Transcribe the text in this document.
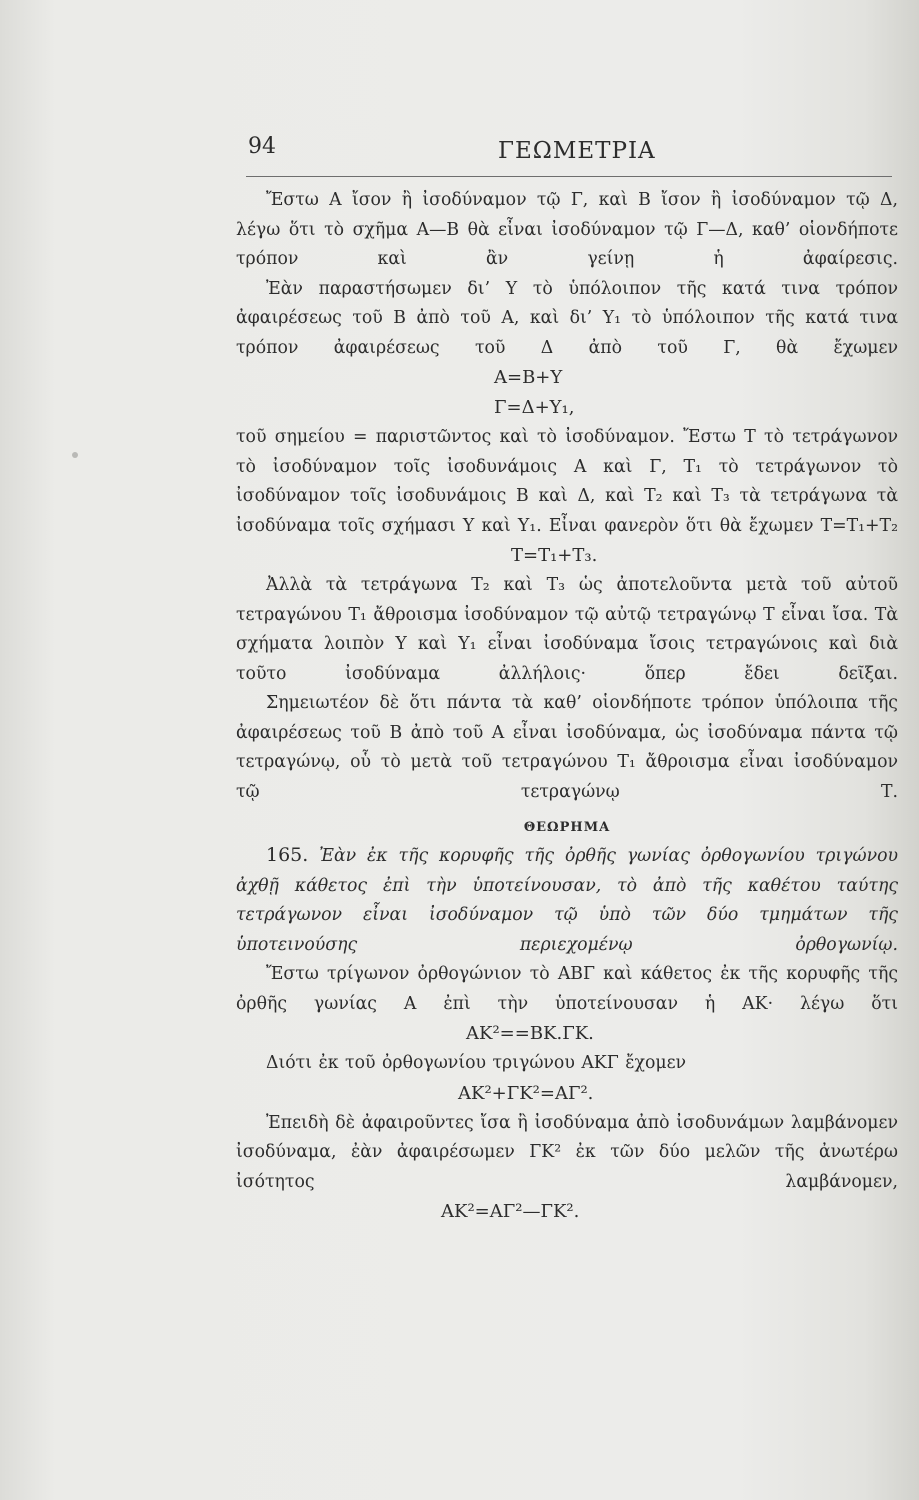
94	ΓΕΩΜΕΤΡΙΑ

Ἔστω Α ἴσον ἢ ἰσοδύναμον τῷ Γ, καὶ Β ἴσον ἢ ἰσοδύναμον τῷ Δ, λέγω ὅτι τὸ σχῆμα Α—Β θὰ εἶναι ἰσοδύναμον τῷ Γ—Δ, καθ’ οἱονδήποτε τρόπον καὶ ἂν γείνῃ ἡ ἀφαίρεσις.

Ἐὰν παραστήσωμεν δι’ Υ τὸ ὑπόλοιπον τῆς κατά τινα τρόπον ἀφαιρέσεως τοῦ Β ἀπὸ τοῦ Α, καὶ δι’ Υ₁ τὸ ὑπόλοιπον τῆς κατά τινα τρόπον ἀφαιρέσεως τοῦ Δ ἀπὸ τοῦ Γ, θὰ ἔχωμεν

Α=Β+Υ
Γ=Δ+Υ₁,

τοῦ σημείου = παριστῶντος καὶ τὸ ἰσοδύναμον. Ἔστω Τ τὸ τετράγωνον τὸ ἰσοδύναμον τοῖς ἰσοδυνάμοις Α καὶ Γ, Τ₁ τὸ τετράγωνον τὸ ἰσοδύναμον τοῖς ἰσοδυνάμοις Β καὶ Δ, καὶ Τ₂ καὶ Τ₃ τὰ τετράγωνα τὰ ἰσοδύναμα τοῖς σχήμασι Υ καὶ Υ₁. Εἶναι φανερὸν ὅτι θὰ ἔχωμεν Τ=Τ₁+Τ₂

Τ=Τ₁+Τ₃.

Ἀλλὰ τὰ τετράγωνα Τ₂ καὶ Τ₃ ὡς ἀποτελοῦντα μετὰ τοῦ αὐτοῦ τετραγώνου Τ₁ ἄθροισμα ἰσοδύναμον τῷ αὐτῷ τετραγώνῳ Τ εἶναι ἴσα. Τὰ σχήματα λοιπὸν Υ καὶ Υ₁ εἶναι ἰσοδύναμα ἴσοις τετραγώνοις καὶ διὰ τοῦτο ἰσοδύναμα ἀλλήλοις· ὅπερ ἔδει δεῖξαι.

Σημειωτέον δὲ ὅτι πάντα τὰ καθ’ οἱονδήποτε τρόπον ὑπόλοιπα τῆς ἀφαιρέσεως τοῦ Β ἀπὸ τοῦ Α εἶναι ἰσοδύναμα, ὡς ἰσοδύναμα πάντα τῷ τετραγώνῳ, οὗ τὸ μετὰ τοῦ τετραγώνου Τ₁ ἄθροισμα εἶναι ἰσοδύναμον τῷ τετραγώνῳ Τ.

ΘΕΩΡΗΜΑ

165. Ἐὰν ἐκ τῆς κορυφῆς τῆς ὀρθῆς γωνίας ὀρθογωνίου τριγώνου ἀχθῇ κάθετος ἐπὶ τὴν ὑποτείνουσαν, τὸ ἀπὸ τῆς καθέτου ταύτης τετράγωνον εἶναι ἰσοδύναμον τῷ ὑπὸ τῶν δύο τμημάτων τῆς ὑποτεινούσης περιεχομένῳ ὀρθογωνίῳ.

Ἔστω τρίγωνον ὀρθογώνιον τὸ ΑΒΓ καὶ κάθετος ἐκ τῆς κορυφῆς τῆς ὀρθῆς γωνίας Α ἐπὶ τὴν ὑποτείνουσαν ἡ ΑΚ· λέγω ὅτι

ΑΚ²==ΒΚ.ΓΚ.

Διότι ἐκ τοῦ ὀρθογωνίου τριγώνου ΑΚΓ ἔχομεν

ΑΚ²+ΓΚ²=ΑΓ².

Ἐπειδὴ δὲ ἀφαιροῦντες ἴσα ἢ ἰσοδύναμα ἀπὸ ἰσοδυνάμων λαμβάνομεν ἰσοδύναμα, ἐὰν ἀφαιρέσωμεν ΓΚ² ἐκ τῶν δύο μελῶν τῆς ἀνωτέρω ἰσότητος λαμβάνομεν,

ΑΚ²=ΑΓ²—ΓΚ².
